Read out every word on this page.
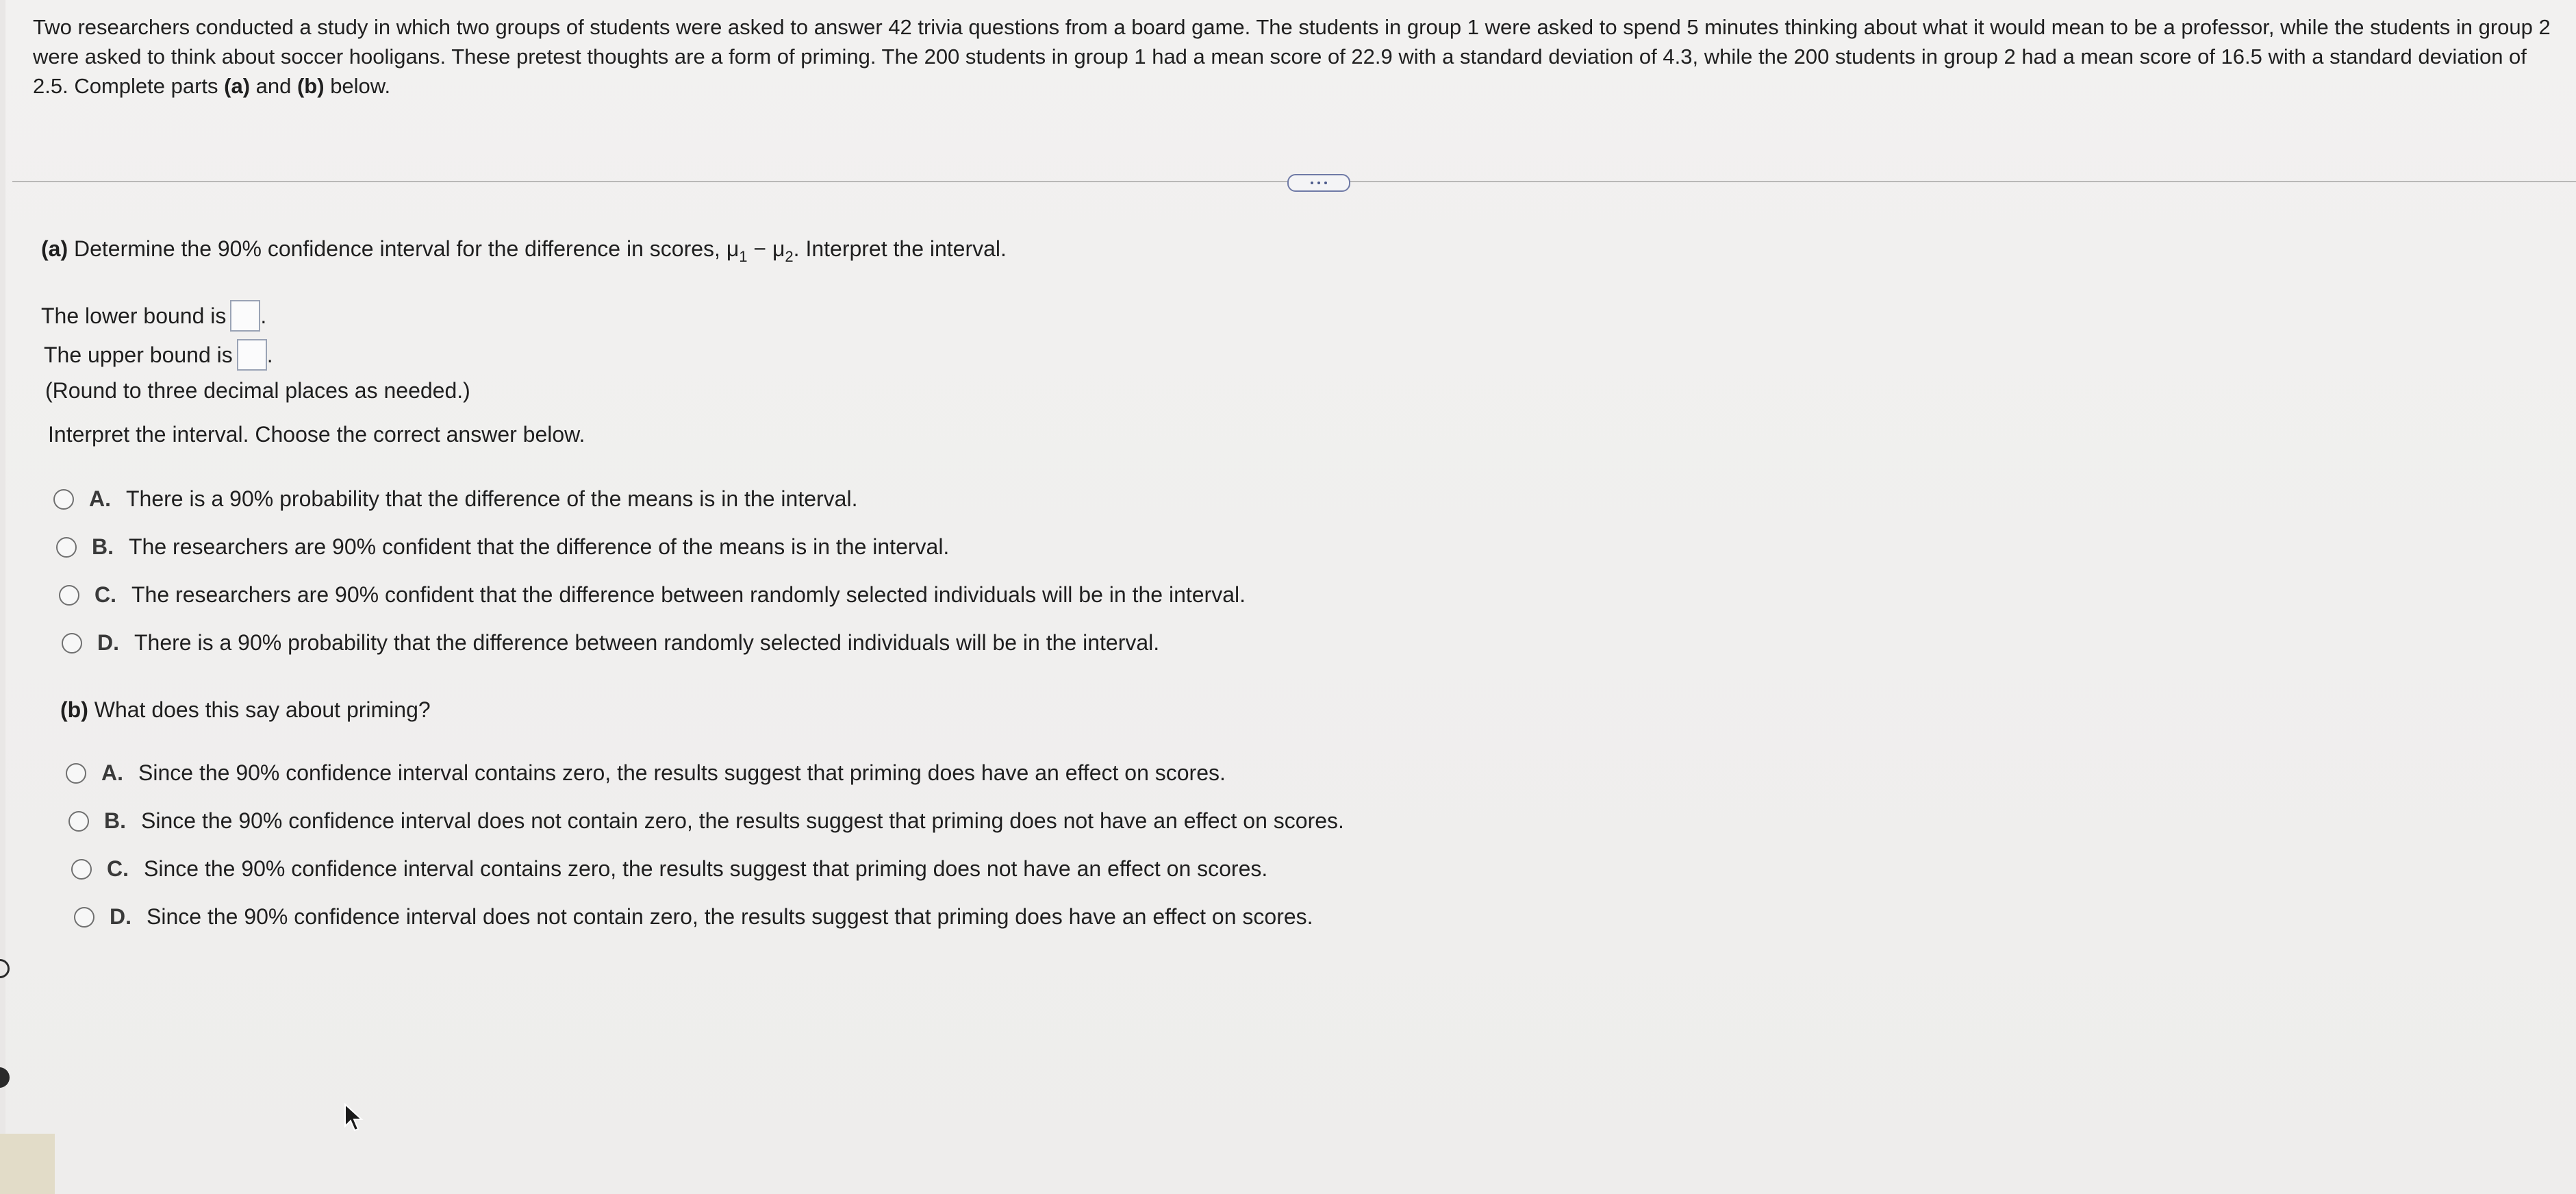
Two researchers conducted a study in which two groups of students were asked to answer 42 trivia questions from a board game. The students in group 1 were asked to spend 5 minutes thinking about what it would mean to be a professor, while the students in group 2 were asked to think about soccer hooligans. These pretest thoughts are a form of priming. The 200 students in group 1 had a mean score of 22.9 with a standard deviation of 4.3, while the 200 students in group 2 had a mean score of 16.5 with a standard deviation of 2.5. Complete parts (a) and (b) below.
(a) Determine the 90% confidence interval for the difference in scores, $\mu_1 - \mu_2$. Interpret the interval.
The lower bound is .
The upper bound is .
(Round to three decimal places as needed.)
Interpret the interval. Choose the correct answer below.
A. There is a 90% probability that the difference of the means is in the interval.
B. The researchers are 90% confident that the difference of the means is in the interval.
C. The researchers are 90% confident that the difference between randomly selected individuals will be in the interval.
D. There is a 90% probability that the difference between randomly selected individuals will be in the interval.
(b) What does this say about priming?
A. Since the 90% confidence interval contains zero, the results suggest that priming does have an effect on scores.
B. Since the 90% confidence interval does not contain zero, the results suggest that priming does not have an effect on scores.
C. Since the 90% confidence interval contains zero, the results suggest that priming does not have an effect on scores.
D. Since the 90% confidence interval does not contain zero, the results suggest that priming does have an effect on scores.
